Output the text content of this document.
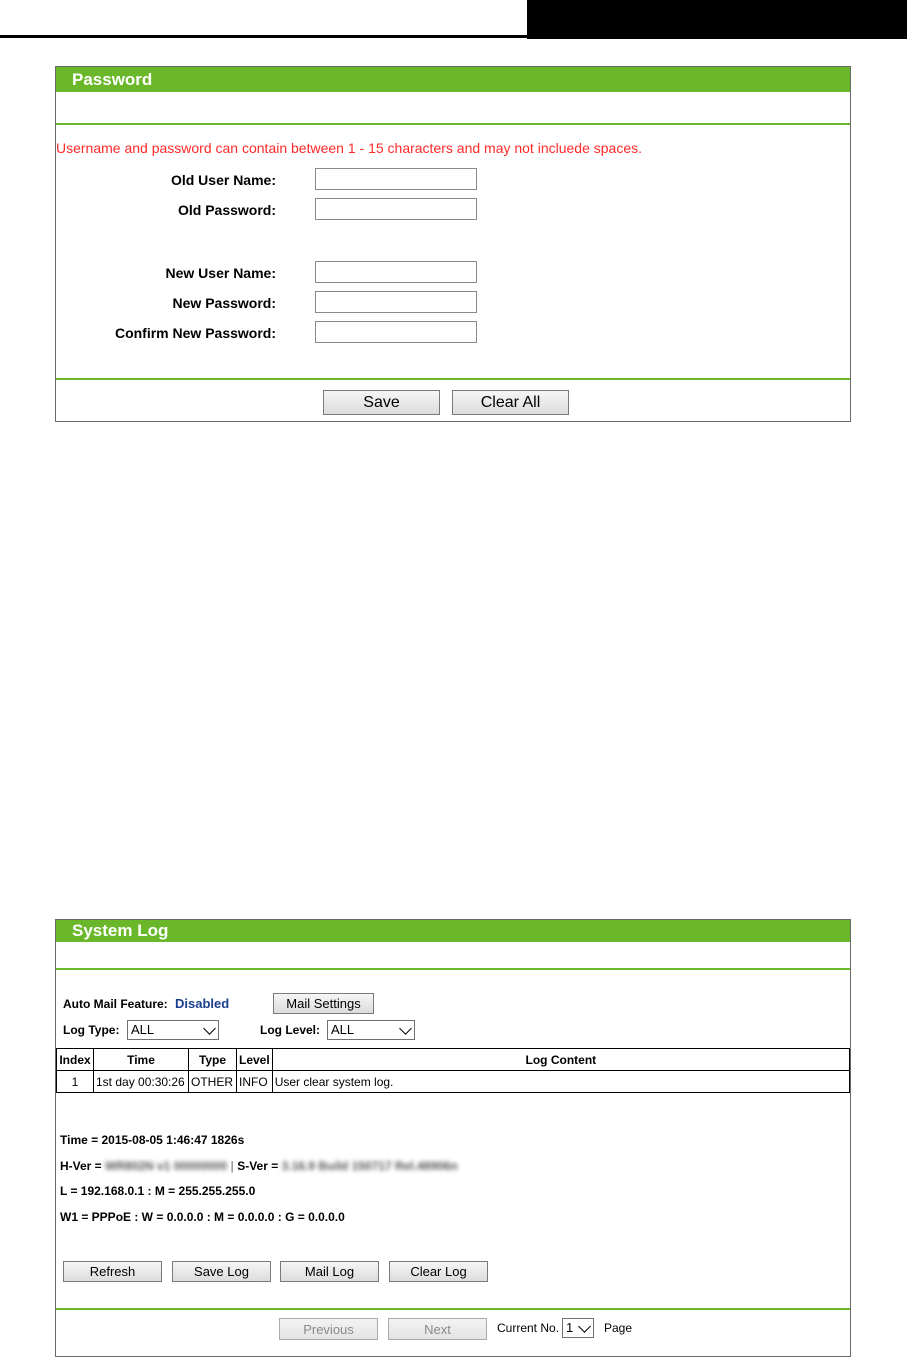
Password
Username and password can contain between 1 - 15 characters and may not incluede spaces.
Old User Name:
Old Password:
New User Name:
New Password:
Confirm New Password:
Save	Clear All
System Log
Auto Mail Feature: Disabled	Mail Settings
Log Type: ALL	Log Level: ALL
Index	Time	Type	Level	Log Content
1	1st day 00:30:26	OTHER	INFO	User clear system log.
Time = 2015-08-05 1:46:47 1826s
H-Ver = WR802N v1 00000000 | S-Ver = 3.16.9 Build 150717 Rel.48906n
L = 192.168.0.1 : M = 255.255.255.0
W1 = PPPoE : W = 0.0.0.0 : M = 0.0.0.0 : G = 0.0.0.0
Refresh	Save Log	Mail Log	Clear Log
Previous	Next	Current No. 1	Page
